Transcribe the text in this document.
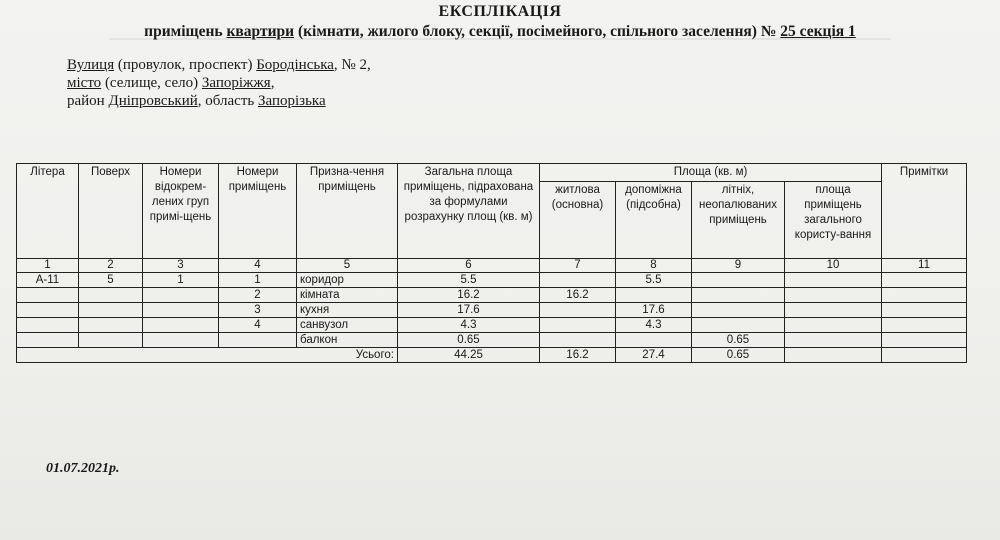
ЕКСПЛІКАЦІЯ
приміщень квартири (кімнати, жилого блоку, секції, посімейного, спільного заселення) № 25 секція 1
Вулиця (провулок, проспект) Бородінська, № 2,
місто (селище, село) Запоріжжя,
район Дніпровський, область Запорізька
Літера	Поверх	Номери відокрем-лених груп примі-щень	Номери приміщень	Призна-чення приміщень	Загальна площа приміщень, підрахована за формулами розрахунку площ (кв. м)	Площа (кв. м)				Примітки
						житлова (основна)	допоміжна (підсобна)	літніх, неопалюваних приміщень	площа приміщень загального користу-вання	
1	2	3	4	5	6	7	8	9	10	11
А-11	5	1	1	коридор	5.5		5.5			
			2	кімната	16.2	16.2				
			3	кухня	17.6		17.6			
			4	санвузол	4.3		4.3			
				балкон	0.65			0.65		
Усього:					44.25	16.2	27.4	0.65		
01.07.2021р.
